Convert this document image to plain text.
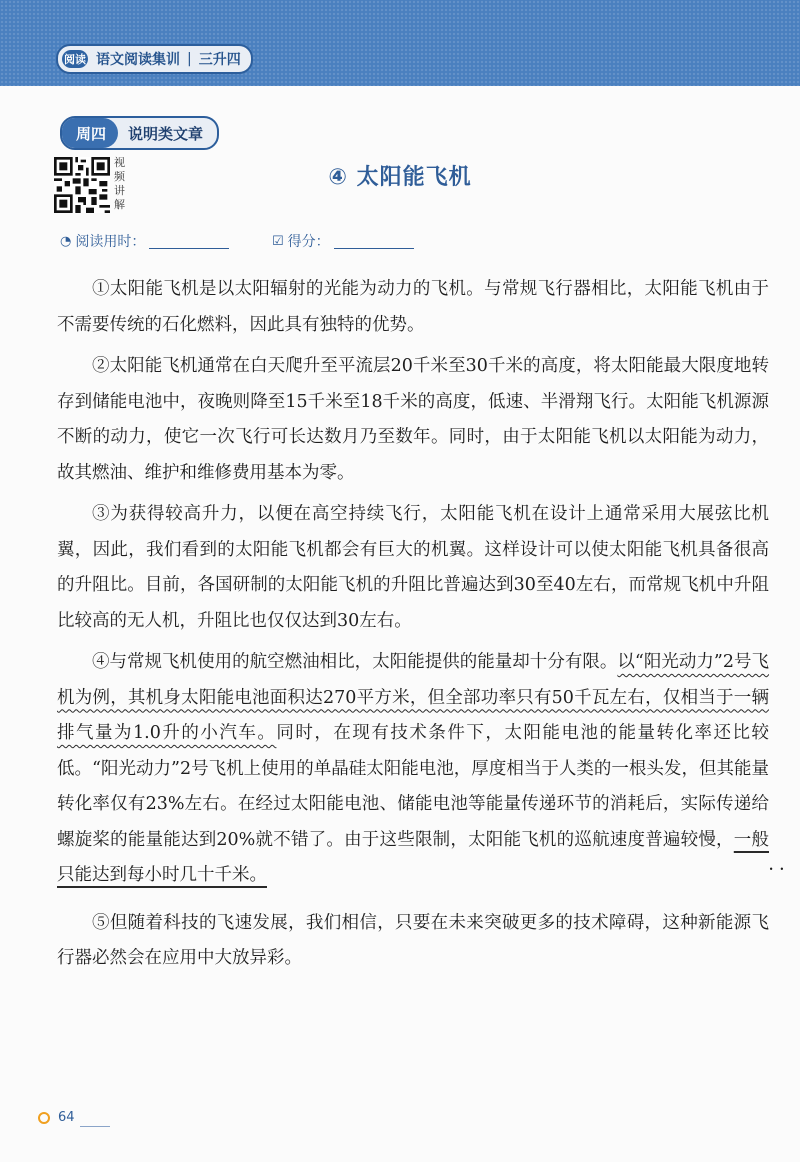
阅读 语文阅读集训 | 三升四
周四	说明类文章
视
频
讲
解
④ 太阳能飞机
◔ 阅读用时：	☑ 得分：

①太阳能飞机是以太阳辐射的光能为动力的飞机。与常规飞行器相比，太阳能飞机由于不需要传统的石化燃料，因此具有独特的优势。

②太阳能飞机通常在白天爬升至平流层20千米至30千米的高度，将太阳能最大限度地转存到储能电池中，夜晚则降至15千米至18千米的高度，低速、半滑翔飞行。太阳能飞机源源不断的动力，使它一次飞行可长达数月乃至数年。同时，由于太阳能飞机以太阳能为动力，故其燃油、维护和维修费用基本为零。

③为获得较高升力，以便在高空持续飞行，太阳能飞机在设计上通常采用大展弦比机翼，因此，我们看到的太阳能飞机都会有巨大的机翼。这样设计可以使太阳能飞机具备很高的升阻比。目前，各国研制的太阳能飞机的升阻比普遍达到30至40左右，而常规飞机中升阻比较高的无人机，升阻比也仅仅达到30左右。

④与常规飞机使用的航空燃油相比，太阳能提供的能量却十分有限。以“阳光动力”2号飞机为例，其机身太阳能电池面积达270平方米，但全部功率只有50千瓦左右，仅相当于一辆排气量为1.0升的小汽车。同时，在现有技术条件下，太阳能电池的能量转化率还比较低。“阳光动力”2号飞机上使用的单晶硅太阳能电池，厚度相当于人类的一根头发，但其能量转化率仅有23%左右。在经过太阳能电池、储能电池等能量传递环节的消耗后，实际传递给螺旋桨的能量能达到20%就不错了。由于这些限制，太阳能飞机的巡航速度普遍较慢，一般 ••只能达到每小时几十千米。

⑤但随着科技的飞速发展，我们相信，只要在未来突破更多的技术障碍，这种新能源飞行器必然会在应用中大放异彩。

64
